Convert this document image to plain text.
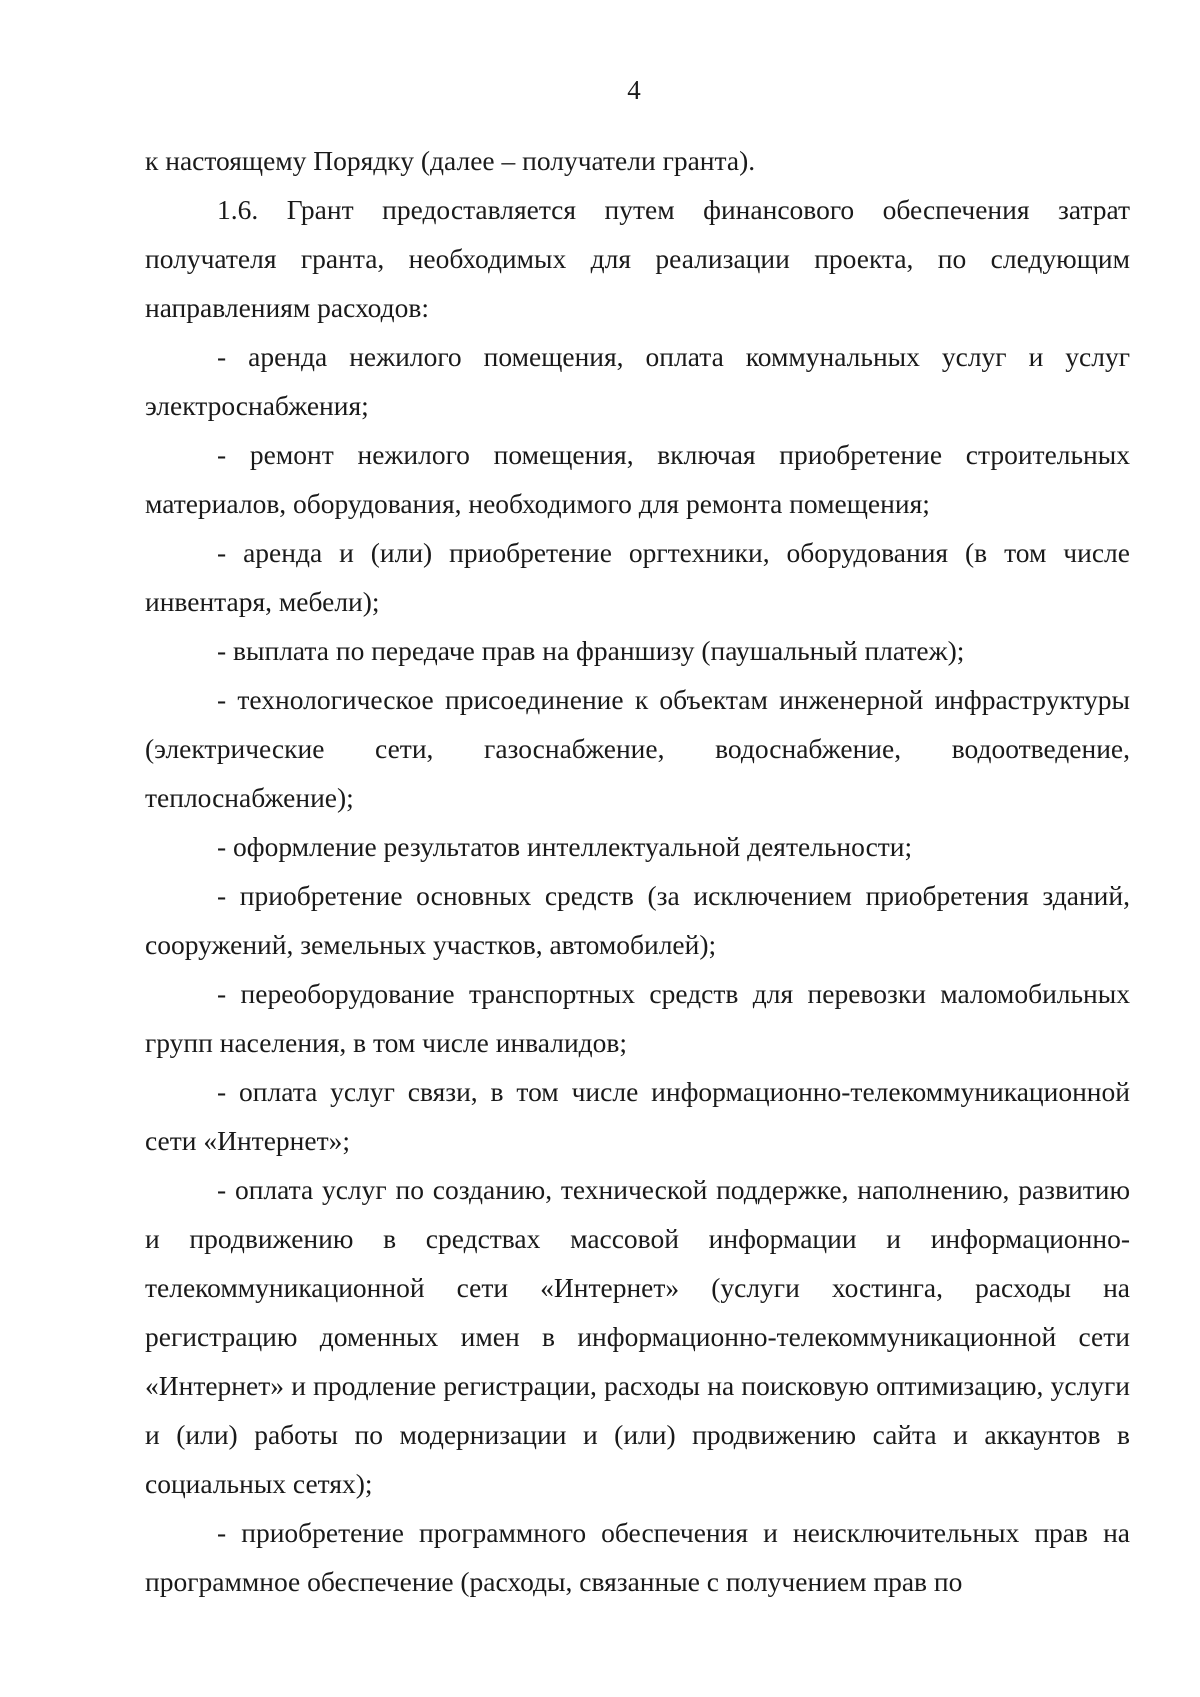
4

к настоящему Порядку (далее – получатели гранта).

1.6. Грант предоставляется путем финансового обеспечения затрат получателя гранта, необходимых для реализации проекта, по следующим направлениям расходов:

- аренда нежилого помещения, оплата коммунальных услуг и услуг электроснабжения;

- ремонт нежилого помещения, включая приобретение строительных материалов, оборудования, необходимого для ремонта помещения;

- аренда и (или) приобретение оргтехники, оборудования (в том числе инвентаря, мебели);

- выплата по передаче прав на франшизу (паушальный платеж);

- технологическое присоединение к объектам инженерной инфраструктуры (электрические сети, газоснабжение, водоснабжение, водоотведение, теплоснабжение);

- оформление результатов интеллектуальной деятельности;

- приобретение основных средств (за исключением приобретения зданий, сооружений, земельных участков, автомобилей);

- переоборудование транспортных средств для перевозки маломобильных групп населения, в том числе инвалидов;

- оплата услуг связи, в том числе информационно-телекоммуникационной сети «Интернет»;

- оплата услуг по созданию, технической поддержке, наполнению, развитию и продвижению в средствах массовой информации и информационно-телекоммуникационной сети «Интернет» (услуги хостинга, расходы на регистрацию доменных имен в информационно-телекоммуникационной сети «Интернет» и продление регистрации, расходы на поисковую оптимизацию, услуги и (или) работы по модернизации и (или) продвижению сайта и аккаунтов в социальных сетях);

- приобретение программного обеспечения и неисключительных прав на программное обеспечение (расходы, связанные с получением прав по
